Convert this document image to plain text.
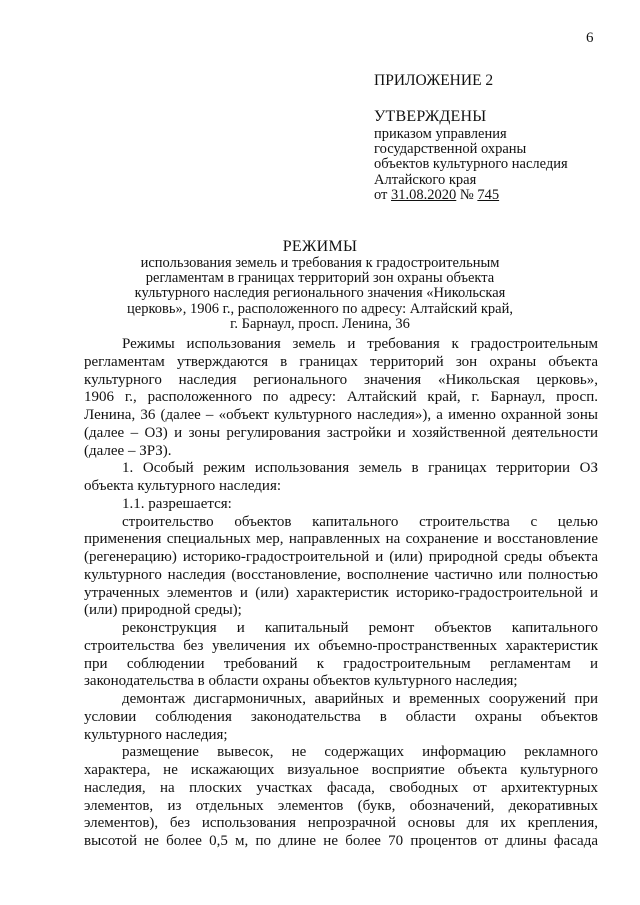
6
ПРИЛОЖЕНИЕ 2
УТВЕРЖДЕНЫ
приказом управления
государственной охраны
объектов культурного наследия
Алтайского края
от 31.08.2020 № 745
РЕЖИМЫ
использования земель и требования к градостроительным
регламентам в границах территорий зон охраны объекта
культурного наследия регионального значения «Никольская
церковь», 1906 г., расположенного по адресу: Алтайский край,
г. Барнаул, просп. Ленина, 36
Режимы использования земель и требования к градостроительным
регламентам утверждаются в границах территорий зон охраны объекта
культурного наследия регионального значения «Никольская церковь»,
1906 г., расположенного по адресу: Алтайский край, г. Барнаул, просп.
Ленина, 36 (далее – «объект культурного наследия»), а именно охранной зоны
(далее – ОЗ) и зоны регулирования застройки и хозяйственной деятельности
(далее – ЗРЗ).
1. Особый режим использования земель в границах территории ОЗ
объекта культурного наследия:
1.1. разрешается:
строительство объектов капитального строительства с целью
применения специальных мер, направленных на сохранение и восстановление
(регенерацию) историко-градостроительной и (или) природной среды объекта
культурного наследия (восстановление, восполнение частично или полностью
утраченных элементов и (или) характеристик историко-градостроительной и
(или) природной среды);
реконструкция и капитальный ремонт объектов капитального
строительства без увеличения их объемно-пространственных характеристик
при соблюдении требований к градостроительным регламентам и
законодательства в области охраны объектов культурного наследия;
демонтаж дисгармоничных, аварийных и временных сооружений при
условии соблюдения законодательства в области охраны объектов
культурного наследия;
размещение вывесок, не содержащих информацию рекламного
характера, не искажающих визуальное восприятие объекта культурного
наследия, на плоских участках фасада, свободных от архитектурных
элементов, из отдельных элементов (букв, обозначений, декоративных
элементов), без использования непрозрачной основы для их крепления,
высотой не более 0,5 м, по длине не более 70 процентов от длины фасада
